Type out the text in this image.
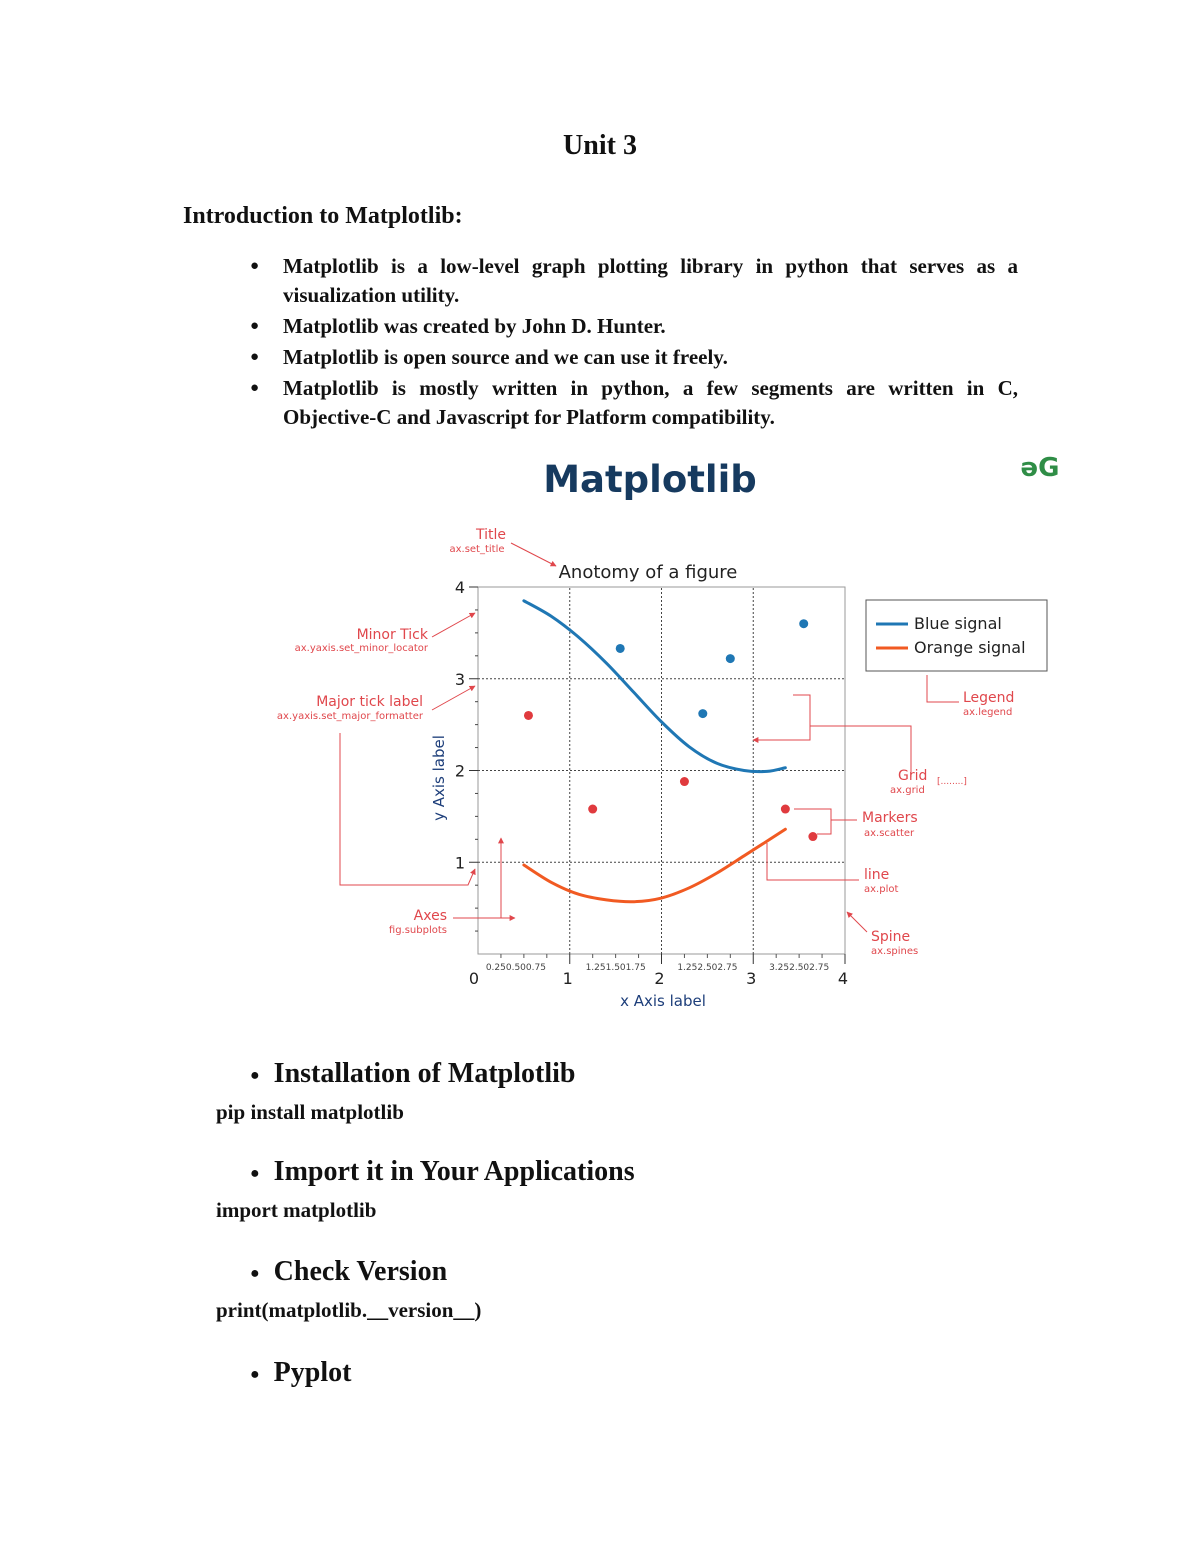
Unit 3
Introduction to Matplotlib:
● Matplotlib is a low-level graph plotting library in python that serves as a visualization utility.
● Matplotlib was created by John D. Hunter.
● Matplotlib is open source and we can use it freely.
● Matplotlib is mostly written in python, a few segments are written in C, Objective-C and Javascript for Platform compatibility.
Matplotlib	əG
Anotomy of a figure
1
2
3
4
0	1	2	3	4
0.250.500.75	1.251.501.75	1.252.502.75	3.252.502.75
x Axis label
y Axis label
Blue signal
Orange signal
Title
ax.set_title
Minor Tick
ax.yaxis.set_minor_locator
Major tick label
ax.yaxis.set_major_formatter
Axes
fig.subplots
Legend
ax.legend
Grid
ax.grid
[........]
Markers
ax.scatter
line
ax.plot
Spine
ax.spines
● Installation of Matplotlib

pip install matplotlib

● Import it in Your Applications

import matplotlib

● Check Version

print(matplotlib.__version__)

● Pyplot
